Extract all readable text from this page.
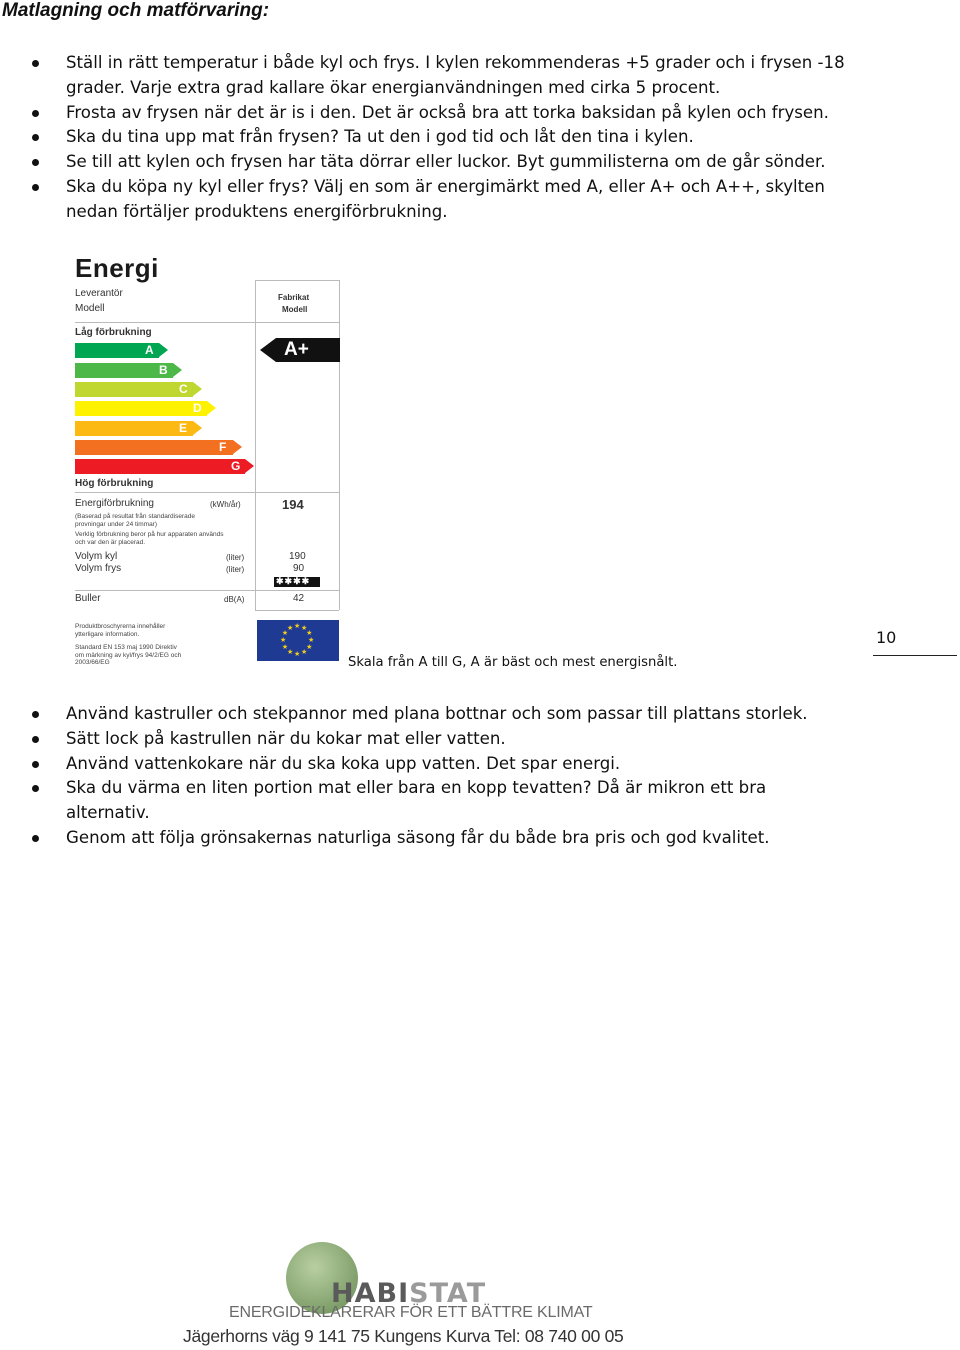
Matlagning och matförvaring:
Ställ in rätt temperatur i både kyl och frys. I kylen rekommenderas +5 grader och i frysen -18 grader. Varje extra grad kallare ökar energianvändningen med cirka 5 procent.
Frosta av frysen när det är is i den. Det är också bra att torka baksidan på kylen och frysen.
Ska du tina upp mat från frysen? Ta ut den i god tid och låt den tina i kylen.
Se till att kylen och frysen har täta dörrar eller luckor. Byt gummilisterna om de går sönder.
Ska du köpa ny kyl eller frys? Välj en som är energimärkt med A, eller A+ och A++, skylten nedan förtäljer produktens energiförbrukning.
Energi
Leverantör
Modell
Fabrikat
Modell
Låg förbrukning
A
B
C
D
E
F
G
A+
Hög förbrukning
Energiförbrukning	(kWh/år)	194
(Baserad på resultat från standardiserade provningar under 24 timmar)
Verklig förbrukning beror på hur apparaten används och var den är placerad.
Volym kyl	(liter)	190
Volym frys	(liter)	90
✱✱✱✱
Buller	dB(A)	42
Produktbroschyrerna innehåller ytterligare information.
Standard EN 153 maj 1990 Direktiv om märkning av kyl/frys 94/2/EG och 2003/66/EG
★
★
★
★
★
★
★
★
★ ★ ★
★
Skala från A till G, A är bäst och mest energisnålt.
10
Använd kastruller och stekpannor med plana bottnar och som passar till plattans storlek.
Sätt lock på kastrullen när du kokar mat eller vatten.
Använd vattenkokare när du ska koka upp vatten. Det spar energi.
Ska du värma en liten portion mat eller bara en kopp tevatten? Då är mikron ett bra alternativ.
Genom att följa grönsakernas naturliga säsong får du både bra pris och god kvalitet.
HABISTAT
ENERGIDEKLARERAR FÖR ETT BÄTTRE KLIMAT
Jägerhorns väg 9 141 75 Kungens Kurva Tel: 08 740 00 05
